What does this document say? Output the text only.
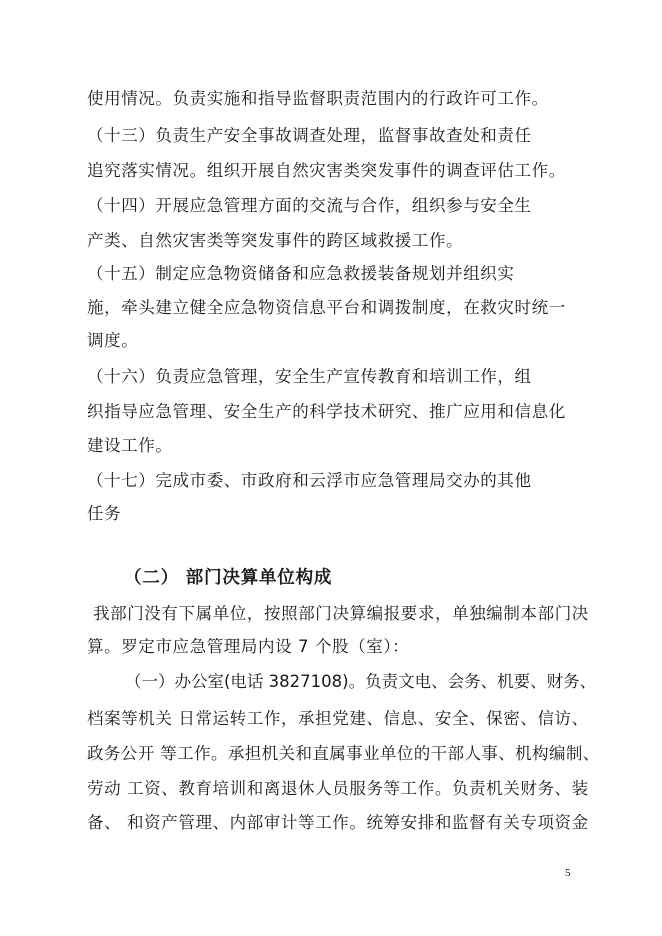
使用情况。负责实施和指导监督职责范围内的行政许可工作。
（十三）负责生产安全事故调查处理，监督事故查处和责任
追究落实情况。组织开展自然灾害类突发事件的调查评估工作。
（十四）开展应急管理方面的交流与合作，组织参与安全生
产类、自然灾害类等突发事件的跨区域救援工作。
（十五）制定应急物资储备和应急救援装备规划并组织实
施，牵头建立健全应急物资信息平台和调拨制度，在救灾时统一
调度。
（十六）负责应急管理，安全生产宣传教育和培训工作，组
织指导应急管理、安全生产的科学技术研究、推广应用和信息化
建设工作。
（十七）完成市委、市政府和云浮市应急管理局交办的其他
任务
（二） 部门决算单位构成
我部门没有下属单位，按照部门决算编报要求，单独编制本部门决
算。罗定市应急管理局内设 7 个股（室）：
（一）办公室(电话 3827108)。负责文电、会务、机要、财务、
档案等机关 日常运转工作，承担党建、信息、安全、保密、信访、
政务公开 等工作。承担机关和直属事业单位的干部人事、机构编制、
劳动 工资、教育培训和离退休人员服务等工作。负责机关财务、装
备、 和资产管理、内部审计等工作。统筹安排和监督有关专项资金
5
